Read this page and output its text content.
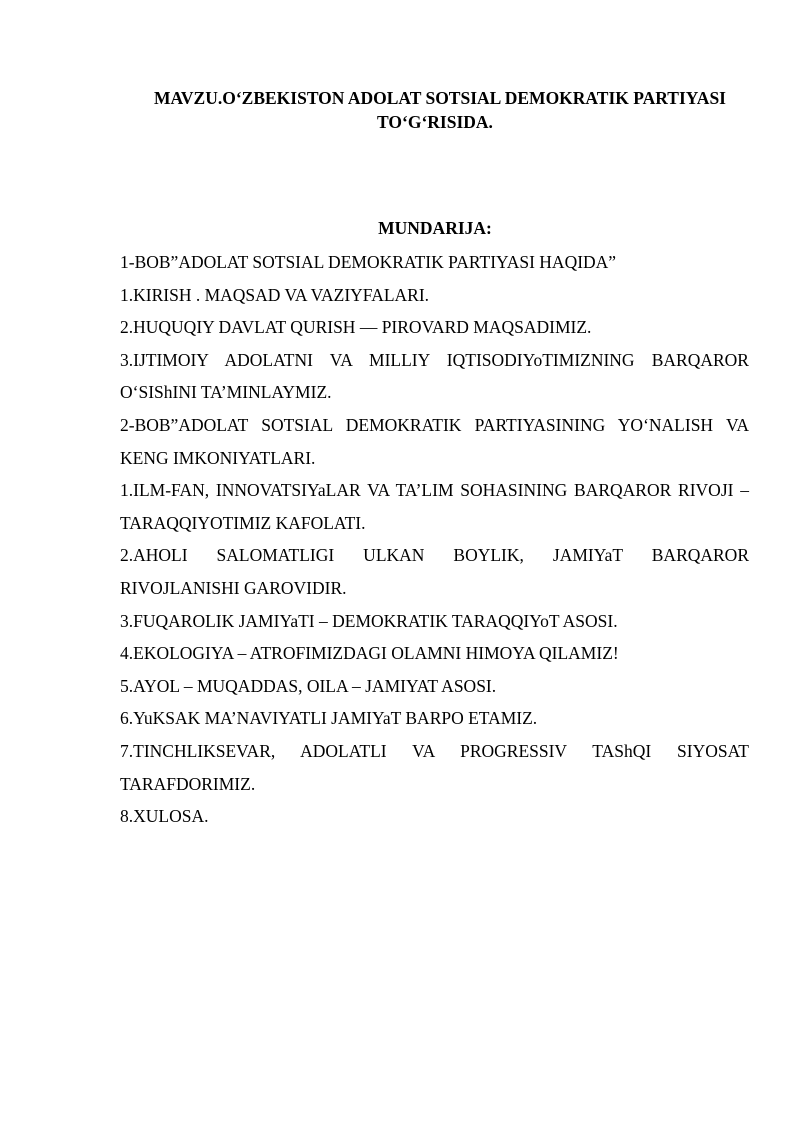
MAVZU.O‘ZBEKISTON ADOLAT SOTSIAL DEMOKRATIK PARTIYASI
TO‘G‘RISIDA.
MUNDARIJA:

1-BOB”ADOLAT SOTSIAL DEMOKRATIK PARTIYASI HAQIDA”

1.KIRISH . MAQSAD VA VAZIYFALARI.

2.HUQUQIY DAVLAT QURISH — PIROVARD MAQSADIMIZ.

3.IJTIMOIY ADOLATNI VA MILLIY IQTISODIYoTIMIZNING BARQAROR O‘SIShINI TA’MINLAYMIZ.

2-BOB”ADOLAT SOTSIAL DEMOKRATIK PARTIYASINING YO‘NALISH VA KENG IMKONIYATLARI.

1.ILM-FAN, INNOVATSIYaLAR VA TA’LIM SOHASINING BARQAROR RIVOJI – TARAQQIYOTIMIZ KAFOLATI.

2.AHOLI SALOMATLIGI ULKAN BOYLIK, JAMIYaT BARQAROR RIVOJLANISHI GAROVIDIR.

3.FUQAROLIK JAMIYaTI – DEMOKRATIK TARAQQIYoT ASOSI.

4.EKOLOGIYA – ATROFIMIZDAGI OLAMNI HIMOYA QILAMIZ!

5.AYOL – MUQADDAS, OILA – JAMIYAT ASOSI.

6.YuKSAK MA’NAVIYATLI JAMIYaT BARPO ETAMIZ.

7.TINCHLIKSEVAR, ADOLATLI VA PROGRESSIV TAShQI SIYOSAT TARAFDORIMIZ.

8.XULOSA.
